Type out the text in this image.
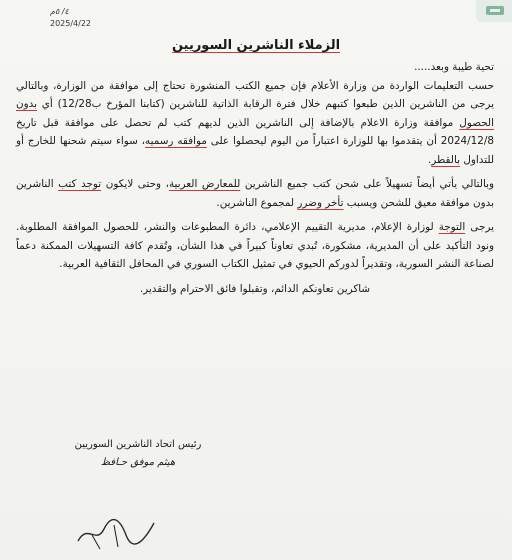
٤/ ٥م
2025/4/22
الزملاء الناشرين السوريين

تحية طيبة وبعد.....

حسب التعليمات الواردة من وزارة الأعلام فإن جميع الكتب المنشورة تحتاج إلى موافقة من الوزارة، وبالتالي يرجى من الناشرين الذين طبعوا كتبهم خلال فترة الرقابة الذاتية للناشرين (كتابنا المؤرخ ب12/28) أي بدون الحصول موافقة وزارة الاعلام بالإضافة إلى الناشرين الذين لديهم كتب لم تحصل على موافقة قبل تاريخ 2024/12/8 أن يتقدموا بها للوزارة اعتباراً من اليوم ليحصلوا على موافقه رسميه، سواء سيتم شحنها للخارج أو للتداول بالقطر.

وبالتالي يأتي أيضاً تسهيلاً على شحن كتب جميع الناشرين للمعارض العربية، وحتى لايكون توجد كتب الناشرين بدون موافقة معيق للشحن ويسبب تأخر وضرر لمجموع الناشرين.

يرجى التوجة لوزارة الإعلام، مديرية التقييم الإعلامي، دائرة المطبوعات والنشر، للحصول الموافقة المطلوبة. ونود التأكيد على أن المديرية، مشكورة، تُبدي تعاوناً كبيراً في هذا الشأن، وتُقدم كافة التسهيلات الممكنة دعماً لصناعة النشر السورية، وتقديراً لدوركم الحيوي في تمثيل الكتاب السوري في المحافل الثقافية العربية.

شاكرين تعاونكم الدائم، وتقبلوا فائق الاحترام والتقدير.

رئيس اتحاد الناشرين السوريين
هيثم موفق حـافظ
